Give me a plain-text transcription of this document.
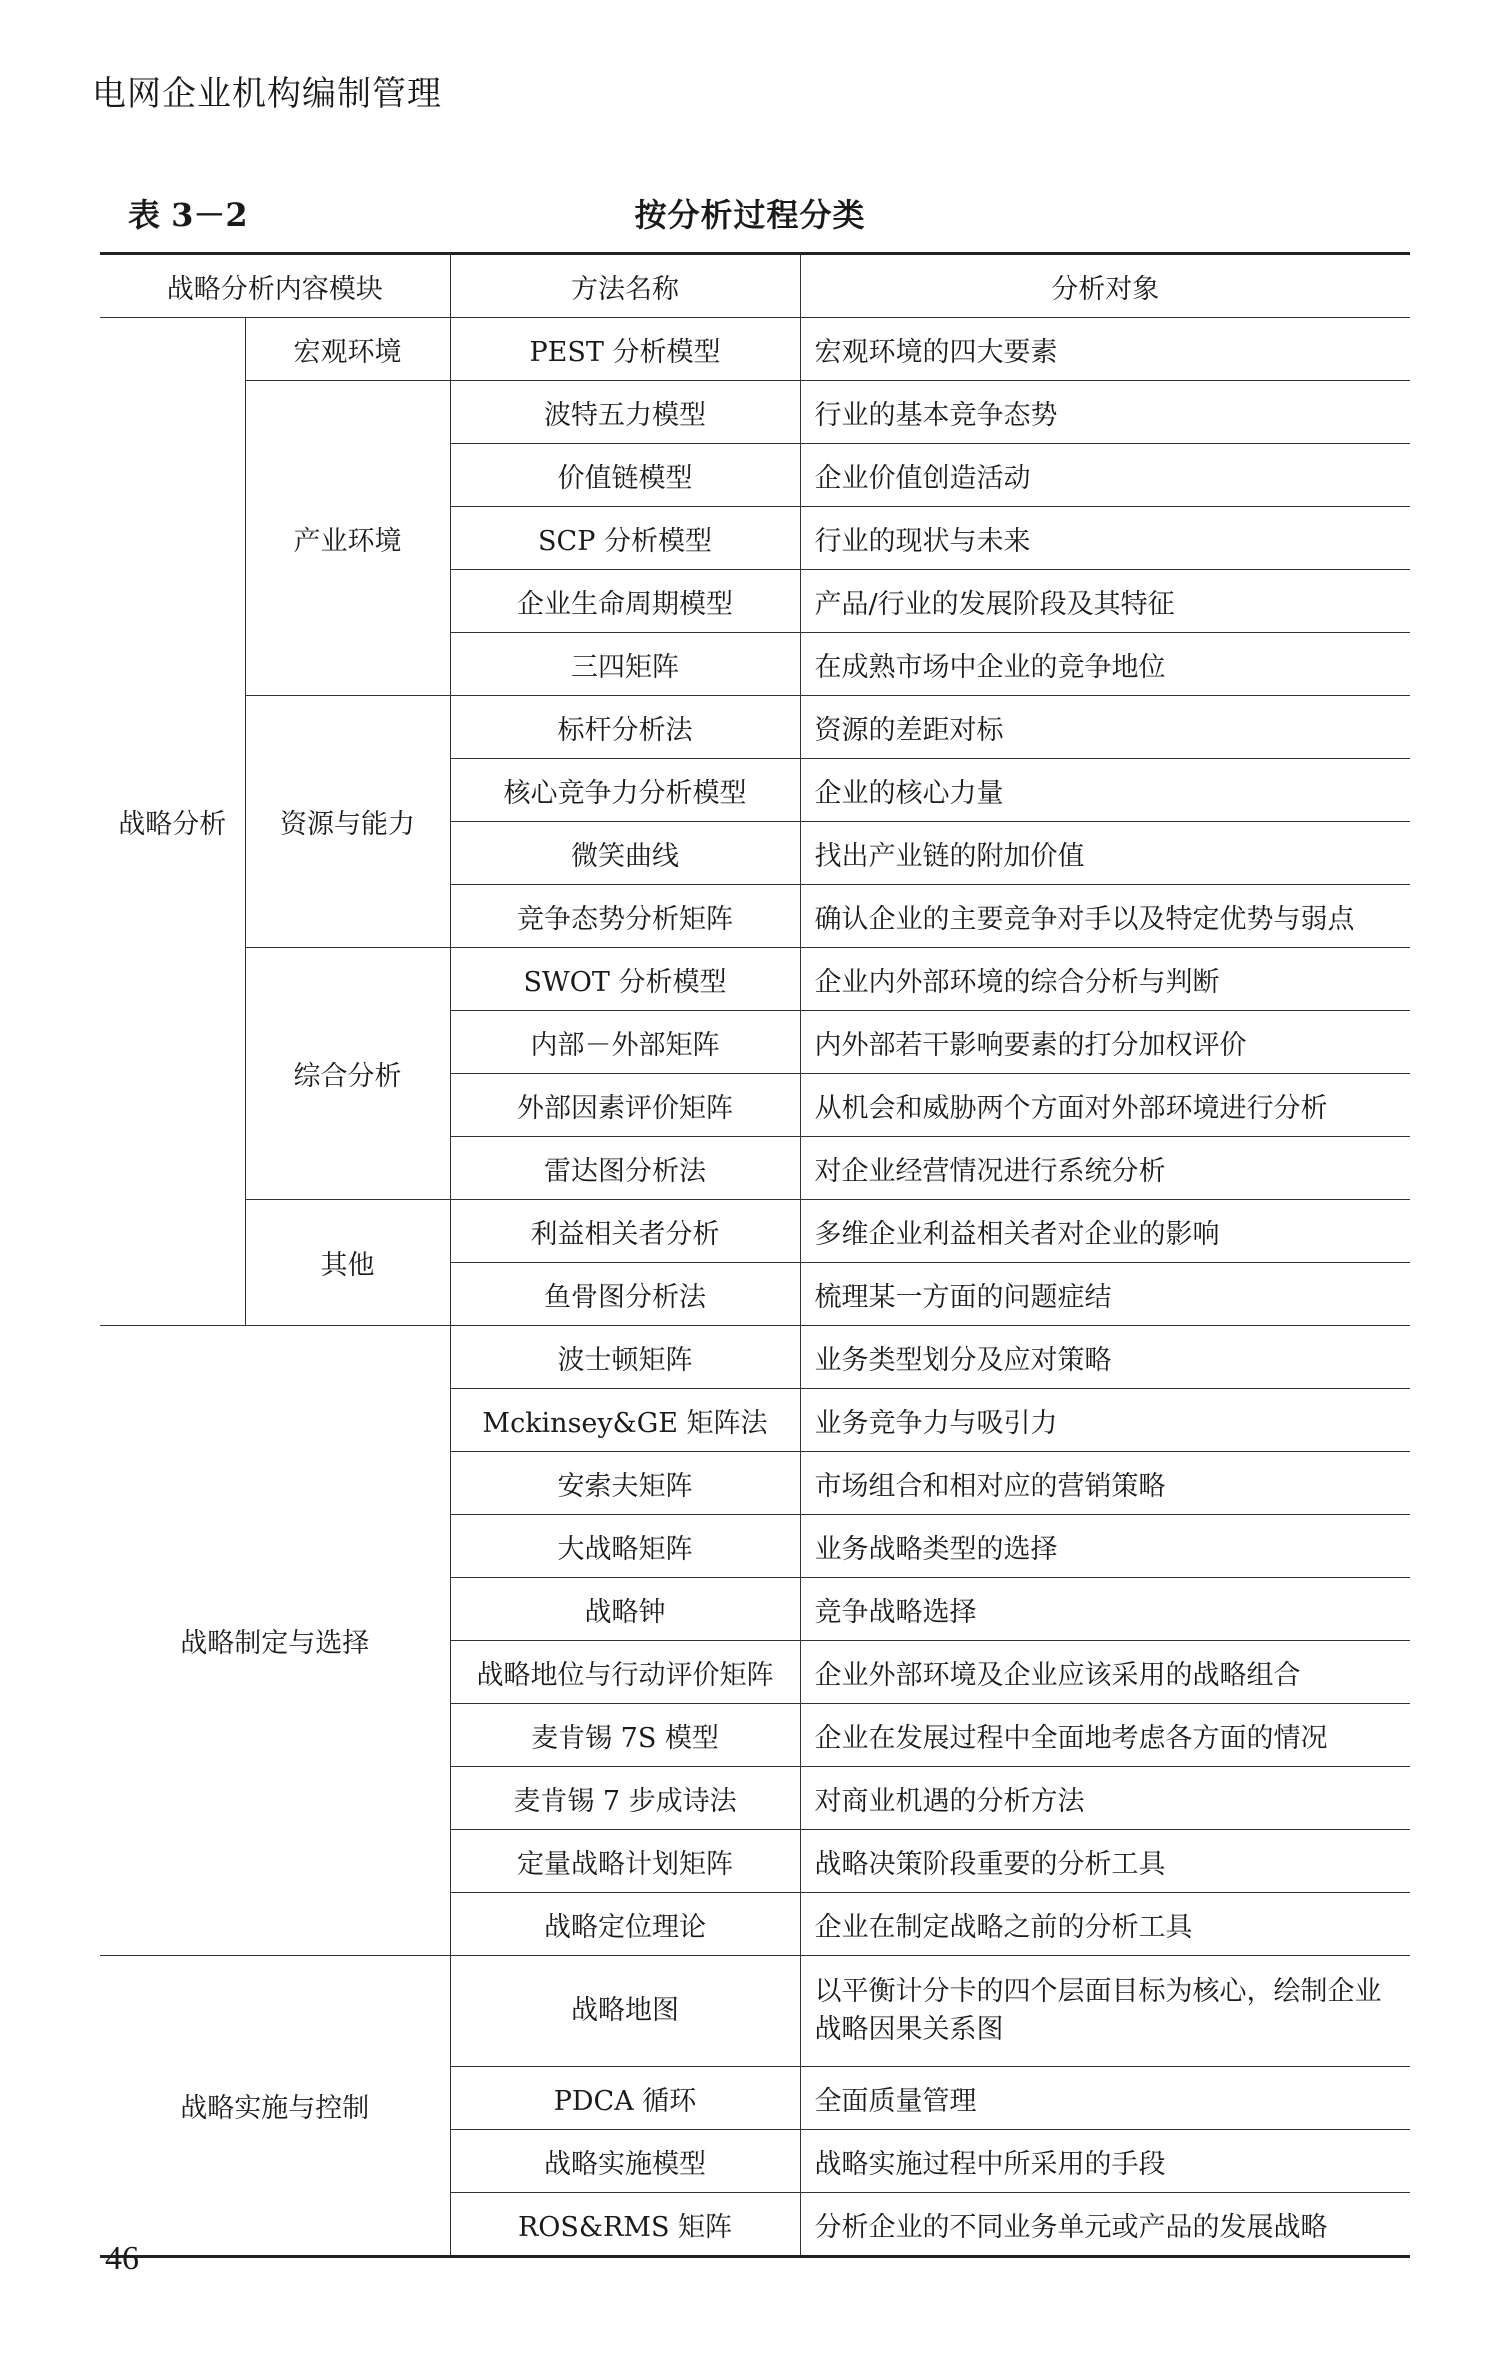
电网企业机构编制管理
表 3－2	按分析过程分类
战略分析内容模块		方法名称	分析对象
战略分析	宏观环境	PEST 分析模型	宏观环境的四大要素
	产业环境	波特五力模型	行业的基本竞争态势
		价值链模型	企业价值创造活动
		SCP 分析模型	行业的现状与未来
		企业生命周期模型	产品/行业的发展阶段及其特征
		三四矩阵	在成熟市场中企业的竞争地位
	资源与能力	标杆分析法	资源的差距对标
		核心竞争力分析模型	企业的核心力量
		微笑曲线	找出产业链的附加价值
		竞争态势分析矩阵	确认企业的主要竞争对手以及特定优势与弱点
	综合分析	SWOT 分析模型	企业内外部环境的综合分析与判断
		内部－外部矩阵	内外部若干影响要素的打分加权评价
		外部因素评价矩阵	从机会和威胁两个方面对外部环境进行分析
		雷达图分析法	对企业经营情况进行系统分析
	其他	利益相关者分析	多维企业利益相关者对企业的影响
		鱼骨图分析法	梳理某一方面的问题症结
战略制定与选择		波士顿矩阵	业务类型划分及应对策略
		Mckinsey&GE 矩阵法	业务竞争力与吸引力
		安索夫矩阵	市场组合和相对应的营销策略
		大战略矩阵	业务战略类型的选择
		战略钟	竞争战略选择
		战略地位与行动评价矩阵	企业外部环境及企业应该采用的战略组合
		麦肯锡 7S 模型	企业在发展过程中全面地考虑各方面的情况
		麦肯锡 7 步成诗法	对商业机遇的分析方法
		定量战略计划矩阵	战略决策阶段重要的分析工具
		战略定位理论	企业在制定战略之前的分析工具
战略实施与控制		战略地图	以平衡计分卡的四个层面目标为核心，绘制企业战略因果关系图
		PDCA 循环	全面质量管理
		战略实施模型	战略实施过程中所采用的手段
		ROS&RMS 矩阵	分析企业的不同业务单元或产品的发展战略
46
